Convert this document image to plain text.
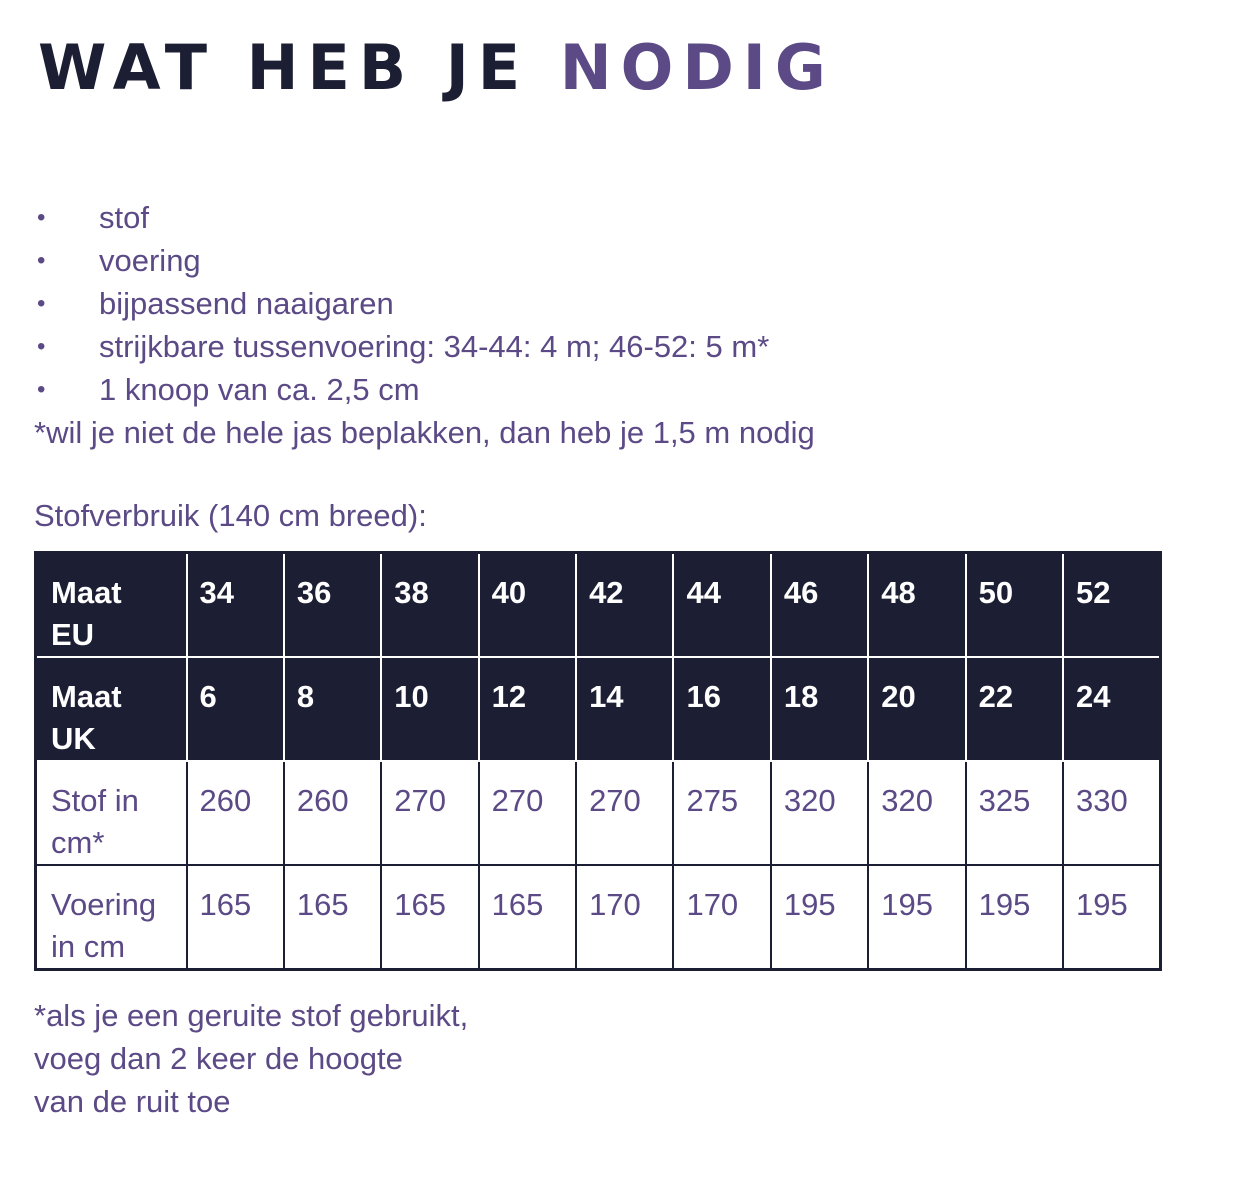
WAT HEB JE NODIG
• stof
• voering
• bijpassend naaigaren
• strijkbare tussenvoering: 34-44: 4 m; 46-52: 5 m*
• 1 knoop van ca. 2,5 cm
*wil je niet de hele jas beplakken, dan heb je 1,5 m nodig
Stofverbruik (140 cm breed):
Maat
EU	34	36	38	40	42	44	46	48	50	52

Maat
UK	6	8	10	12	14	16	18	20	22	24

Stof in
cm*	260	260	270	270	270	275	320	320	325	330

Voering
in cm	165	165	165	165	170	170	195	195	195	195
*als je een geruite stof gebruikt,
voeg dan 2 keer de hoogte
van de ruit toe
